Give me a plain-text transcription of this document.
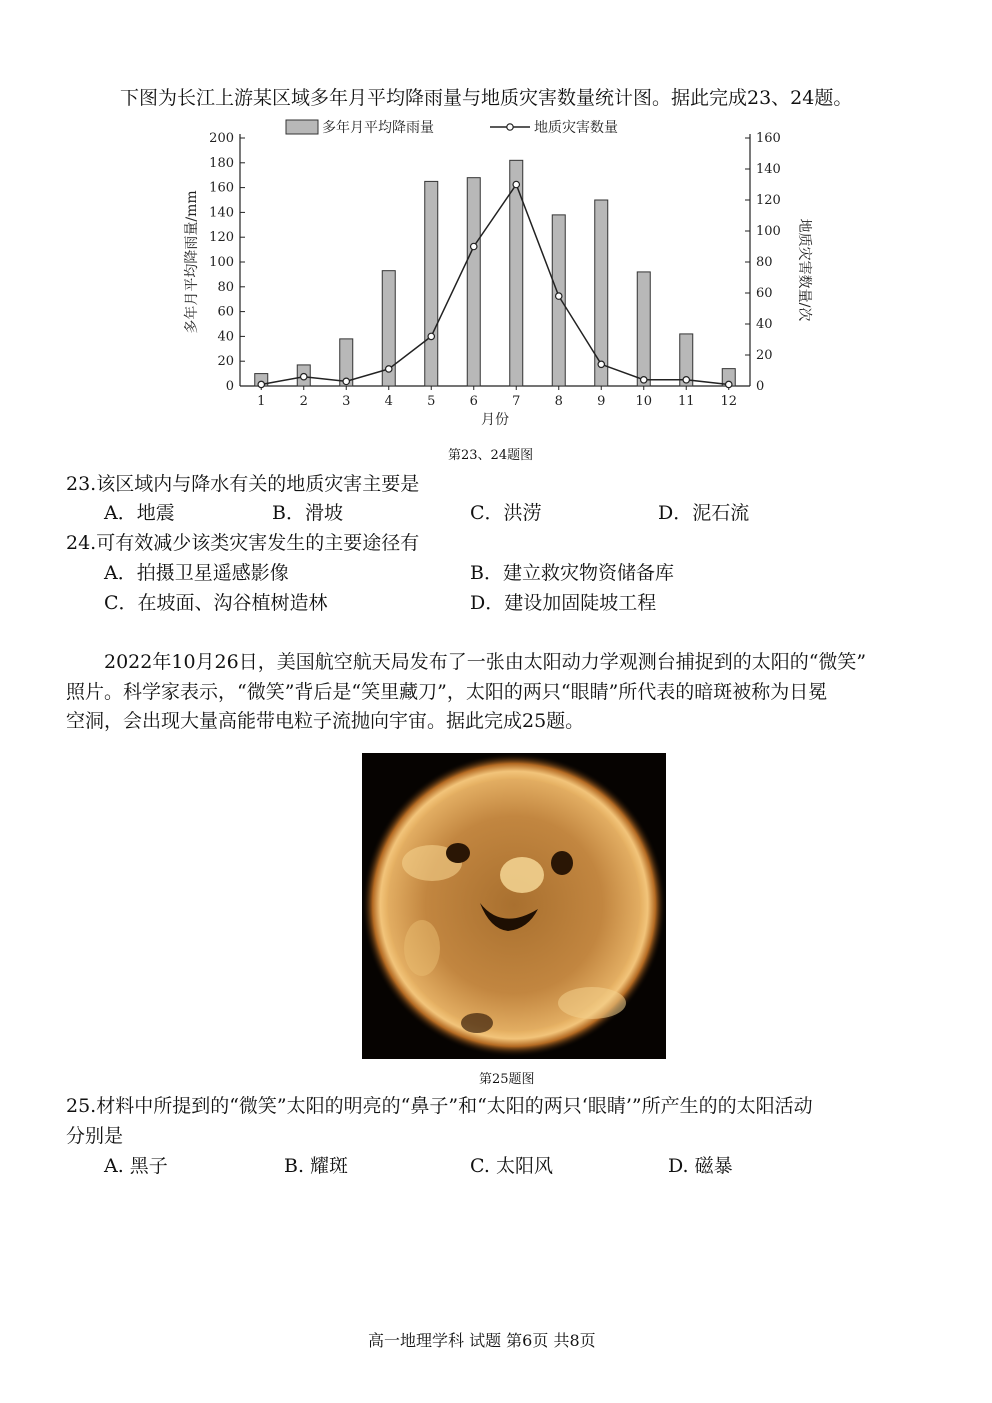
下图为长江上游某区域多年月平均降雨量与地质灾害数量统计图。据此完成23、24题。
0
20
40
60
80
100
120
140
160
180
200
0
20
40
60
80
100
120
140
160
1	2	3	4	5	6	7	8	9 10 11 12
月份
多年月平均降雨量/mm	地质灾害数量/次
多年月平均降雨量	地质灾害数量
第23、24题图
23.该区域内与降水有关的地质灾害主要是
A．地震	B．滑坡	C．洪涝	D．泥石流
24.可有效减少该类灾害发生的主要途径有
A．拍摄卫星遥感影像	B．建立救灾物资储备库
C．在坡面、沟谷植树造林	D．建设加固陡坡工程
2022年10月26日，美国航空航天局发布了一张由太阳动力学观测台捕捉到的太阳的“微笑”
照片。科学家表示，“微笑”背后是“笑里藏刀”，太阳的两只“眼睛”所代表的暗斑被称为日冕
空洞，会出现大量高能带电粒子流抛向宇宙。据此完成25题。
第25题图
25.材料中所提到的“微笑”太阳的明亮的“鼻子”和“太阳的两只‘眼睛’”所产生的的太阳活动
分别是
A. 黑子	B. 耀斑	C. 太阳风	D. 磁暴
高一地理学科 试题 第6页 共8页
